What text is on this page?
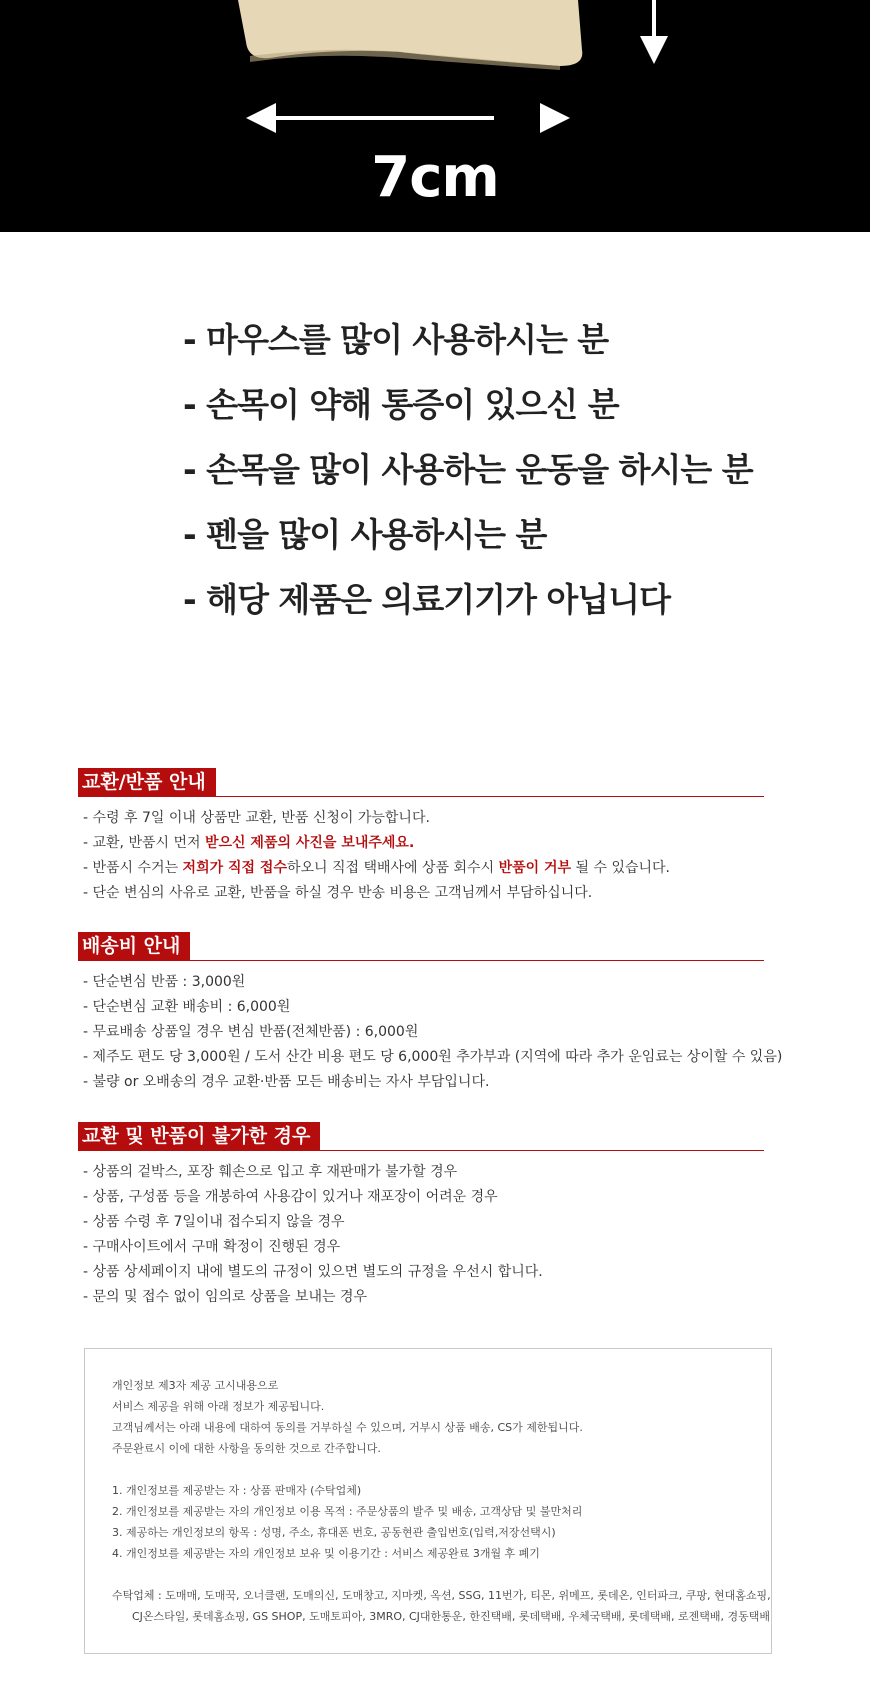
7cm
- 마우스를 많이 사용하시는 분
- 손목이 약해 통증이 있으신 분
- 손목을 많이 사용하는 운동을 하시는 분
- 펜을 많이 사용하시는 분
- 해당 제품은 의료기기가 아닙니다
교환/반품 안내
- 수령 후 7일 이내 상품만 교환, 반품 신청이 가능합니다.
- 교환, 반품시 먼저 받으신 제품의 사진을 보내주세요.
- 반품시 수거는 저희가 직접 접수하오니 직접 택배사에 상품 회수시 반품이 거부 될 수 있습니다.
- 단순 변심의 사유로 교환, 반품을 하실 경우 반송 비용은 고객님께서 부담하십니다.
배송비 안내
- 단순변심 반품 : 3,000원
- 단순변심 교환 배송비 : 6,000원
- 무료배송 상품일 경우 변심 반품(전체반품) : 6,000원
- 제주도 편도 당 3,000원 / 도서 산간 비용 편도 당 6,000원 추가부과 (지역에 따라 추가 운임료는 상이할 수 있음)
- 불량 or 오배송의 경우 교환·반품 모든 배송비는 자사 부담입니다.
교환 및 반품이 불가한 경우
- 상품의 겉박스, 포장 훼손으로 입고 후 재판매가 불가할 경우
- 상품, 구성품 등을 개봉하여 사용감이 있거나 재포장이 어려운 경우
- 상품 수령 후 7일이내 접수되지 않을 경우
- 구매사이트에서 구매 확정이 진행된 경우
- 상품 상세페이지 내에 별도의 규정이 있으면 별도의 규정을 우선시 합니다.
- 문의 및 접수 없이 임의로 상품을 보내는 경우

개인정보 제3자 제공 고시내용으로

서비스 제공을 위해 아래 정보가 제공됩니다.

고객님께서는 아래 내용에 대하여 동의를 거부하실 수 있으며, 거부시 상품 배송, CS가 제한됩니다.

주문완료시 이에 대한 사항을 동의한 것으로 간주합니다.

1. 개인정보를 제공받는 자 : 상품 판매자 (수탁업체)

2. 개인정보를 제공받는 자의 개인정보 이용 목적 : 주문상품의 발주 및 배송, 고객상담 및 불만처리

3. 제공하는 개인정보의 항목 : 성명, 주소, 휴대폰 번호, 공동현관 출입번호(입력,저장선택시)

4. 개인정보를 제공받는 자의 개인정보 보유 및 이용기간 : 서비스 제공완료 3개월 후 폐기

수탁업체 : 도매매, 도매꾹, 오너클랜, 도매의신, 도매창고, 지마켓, 옥션, SSG, 11번가, 티몬, 위메프, 롯데온, 인터파크, 쿠팡, 현대홈쇼핑,

CJ온스타일, 롯데홈쇼핑, GS SHOP, 도매토피아, 3MRO, CJ대한통운, 한진택배, 롯데택배, 우체국택배, 롯데택배, 로젠택배, 경동택배
